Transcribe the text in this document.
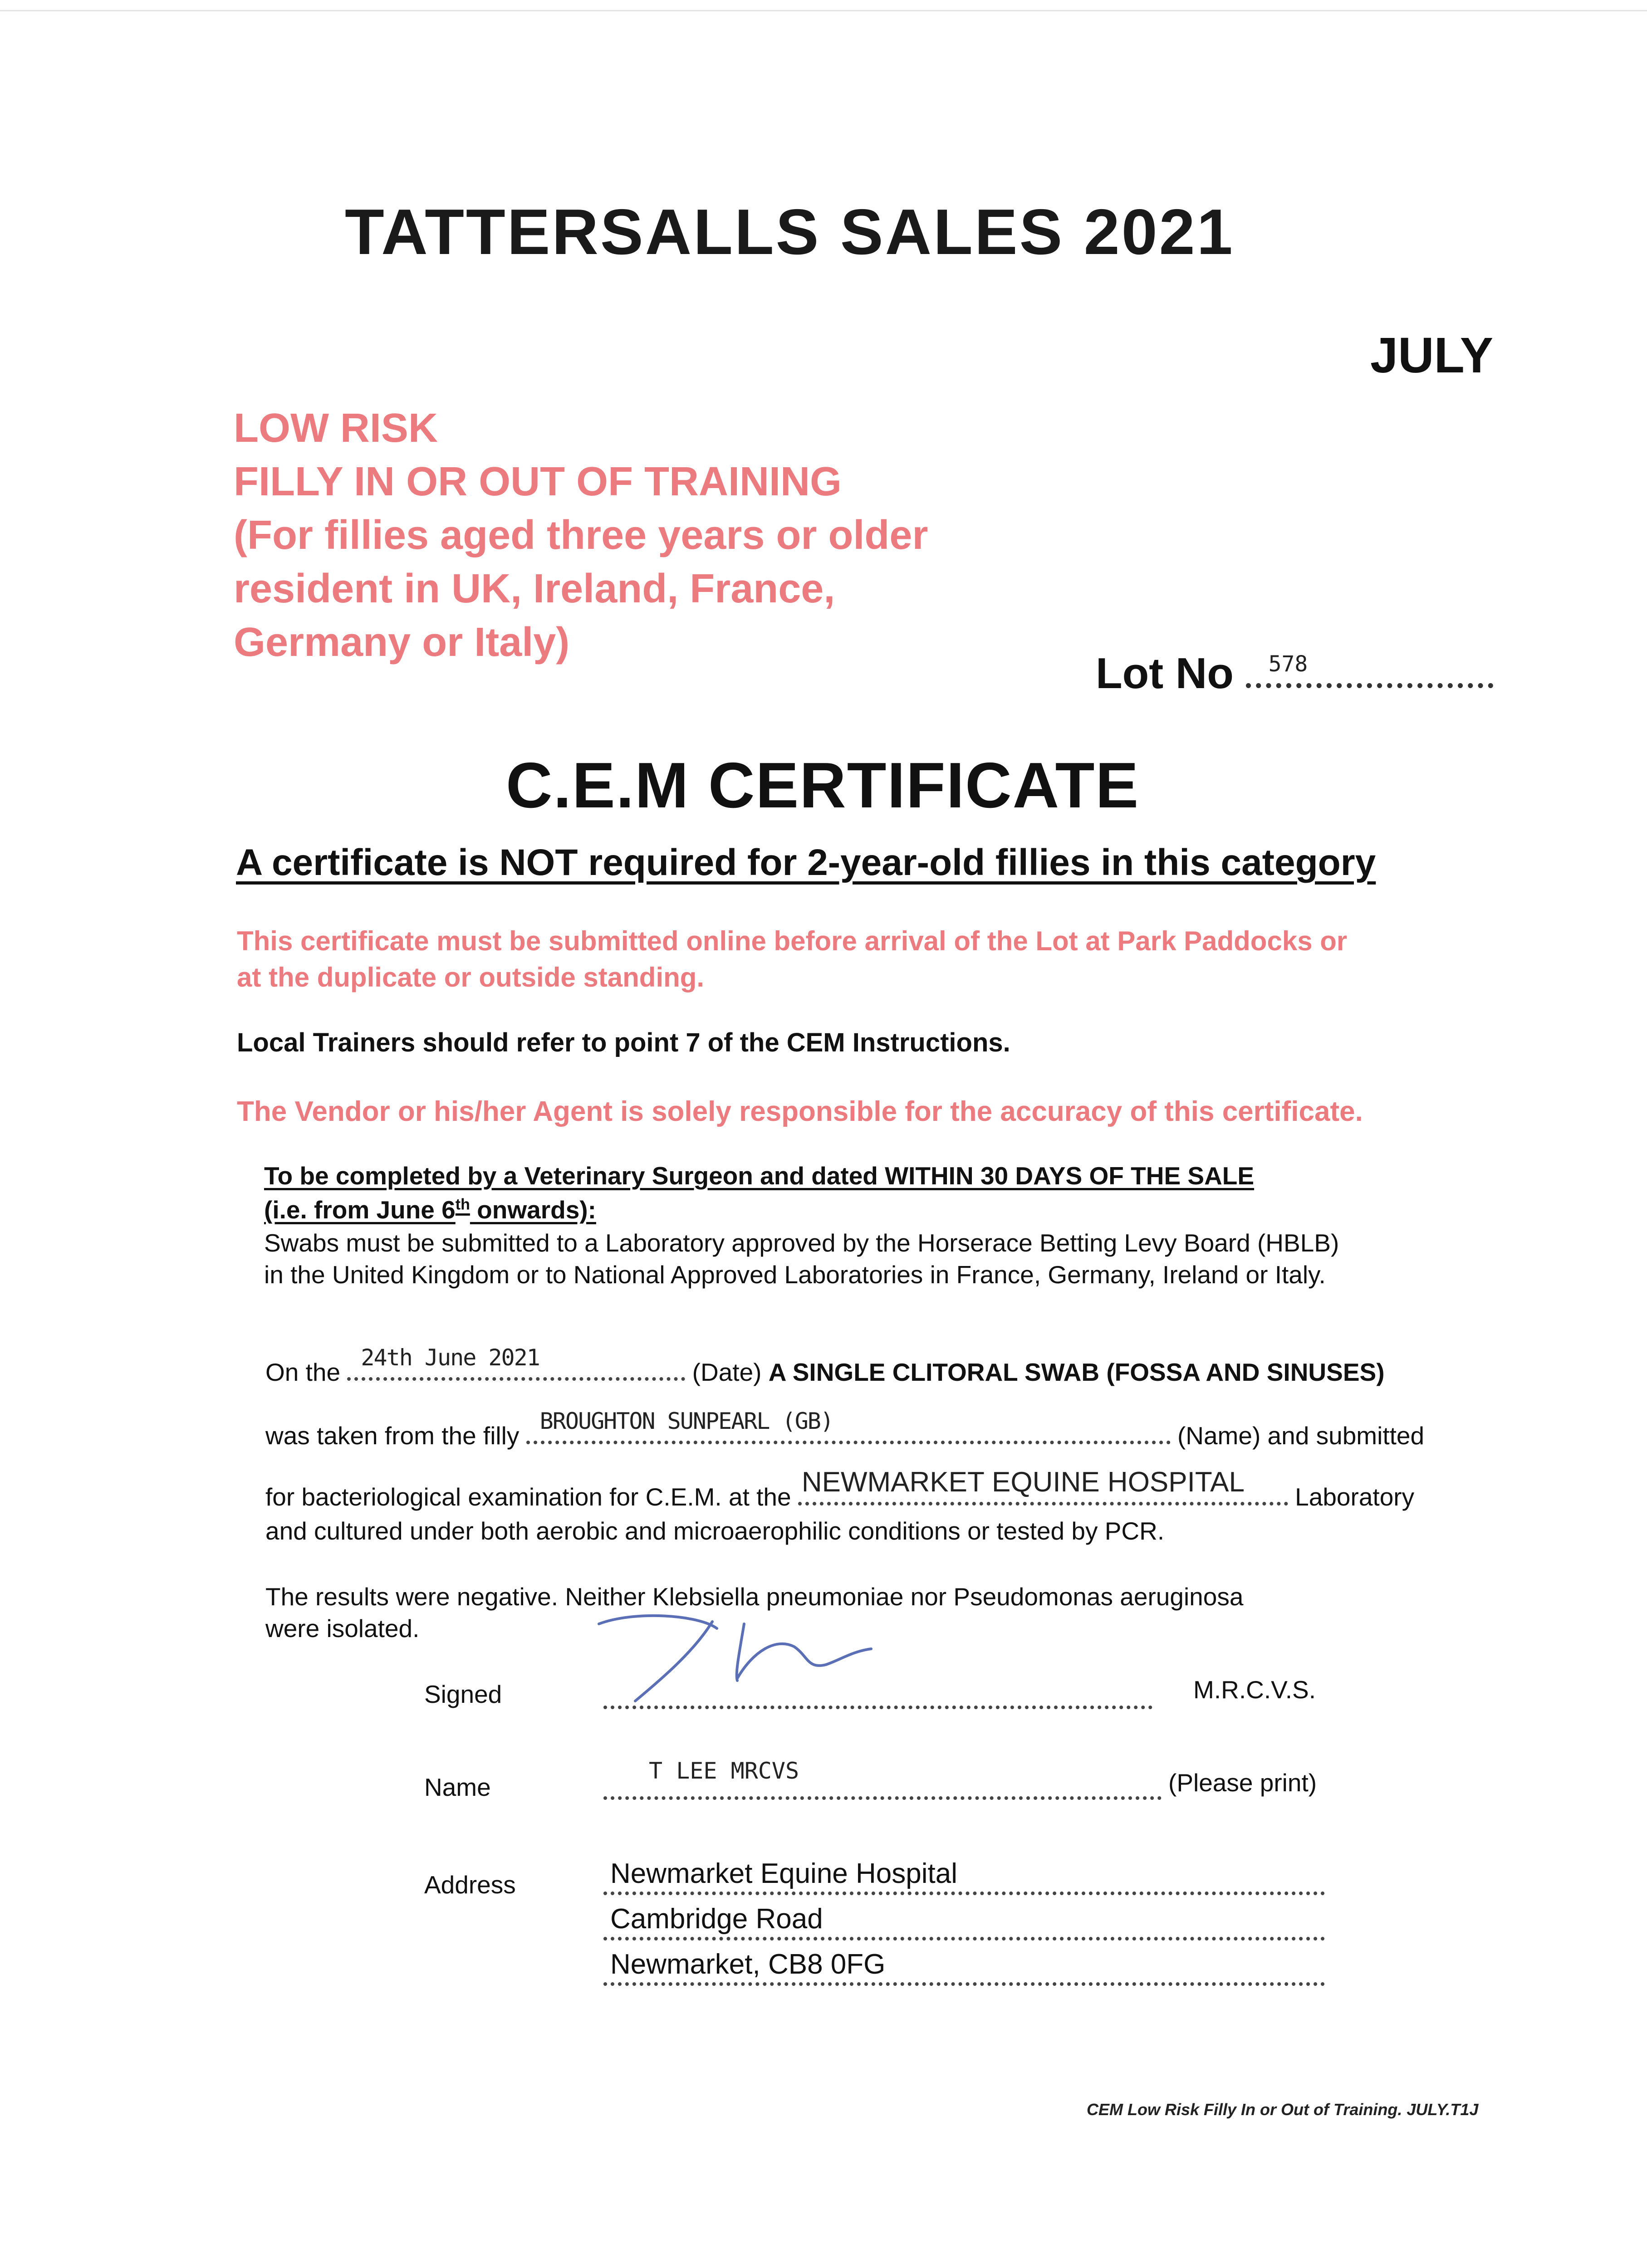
TATTERSALLS SALES 2021
JULY
LOW RISK
FILLY IN OR OUT OF TRAINING
(For fillies aged three years or older
resident in UK, Ireland, France,
Germany or Italy)
Lot No 578
C.E.M CERTIFICATE
A certificate is NOT required for 2-year-old fillies in this category
This certificate must be submitted online before arrival of the Lot at Park Paddocks or
at the duplicate or outside standing.
Local Trainers should refer to point 7 of the CEM Instructions.
The Vendor or his/her Agent is solely responsible for the accuracy of this certificate.
To be completed by a Veterinary Surgeon and dated WITHIN 30 DAYS OF THE SALE
(i.e. from June 6th onwards):
Swabs must be submitted to a Laboratory approved by the Horserace Betting Levy Board (HBLB)
in the United Kingdom or to National Approved Laboratories in France, Germany, Ireland or Italy.
On the
24th June 2021
(Date) A SINGLE CLITORAL SWAB (FOSSA AND SINUSES)
was taken from the filly
BROUGHTON SUNPEARL (GB)
(Name) and submitted
for bacteriological examination for C.E.M. at the NEWMARKET EQUINE HOSPITAL Laboratory
and cultured under both aerobic and microaerophilic conditions or tested by PCR.
The results were negative. Neither Klebsiella pneumoniae nor Pseudomonas aeruginosa
were isolated.
Signed	M.R.C.V.S.
Name
T LEE MRCVS	(Please print)
Address	Newmarket Equine Hospital
Cambridge Road
Newmarket, CB8 0FG
CEM Low Risk Filly In or Out of Training. JULY.T1J
